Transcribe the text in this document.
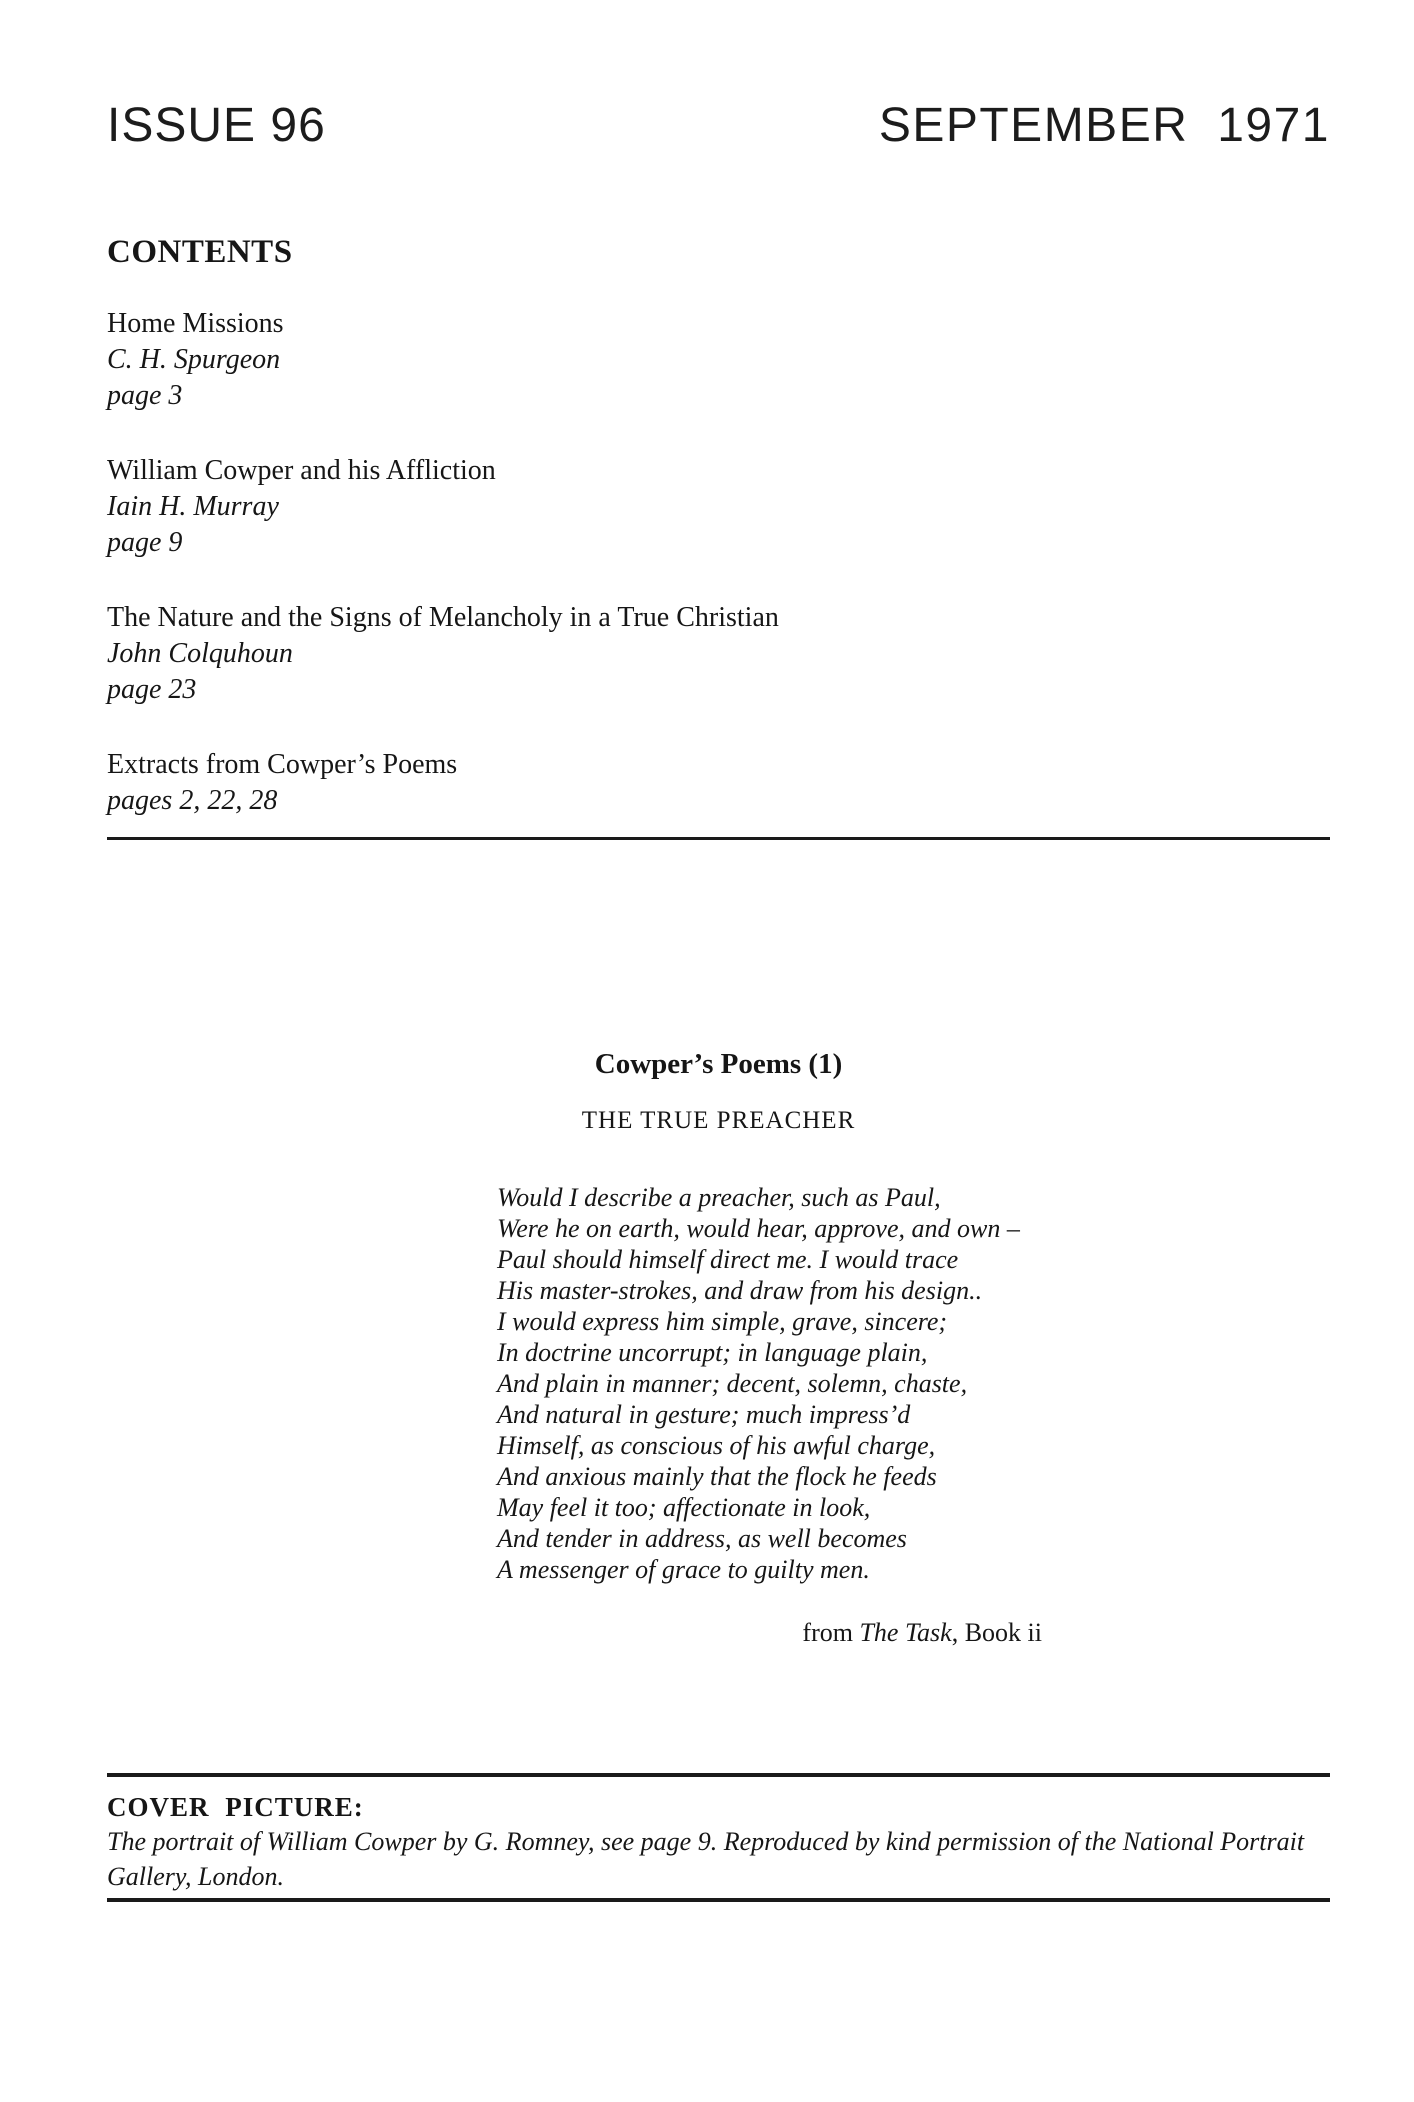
ISSUE 96	SEPTEMBER 1971
CONTENTS
Home Missions
C. H. Spurgeon
page 3
William Cowper and his Affliction
Iain H. Murray
page 9
The Nature and the Signs of Melancholy in a True Christian
John Colquhoun
page 23
Extracts from Cowper’s Poems
pages 2, 22, 28
Cowper’s Poems (1)
THE TRUE PREACHER
Would I describe a preacher, such as Paul,
Were he on earth, would hear, approve, and own –
Paul should himself direct me. I would trace
His master-strokes, and draw from his design..
I would express him simple, grave, sincere;
In doctrine uncorrupt; in language plain,
And plain in manner; decent, solemn, chaste,
And natural in gesture; much impress’d
Himself, as conscious of his awful charge,
And anxious mainly that the flock he feeds
May feel it too; affectionate in look,
And tender in address, as well becomes
A messenger of grace to guilty men.
from The Task, Book ii
COVER PICTURE:
The portrait of William Cowper by G. Romney, see page 9. Reproduced by kind permission of the National Portrait Gallery, London.
